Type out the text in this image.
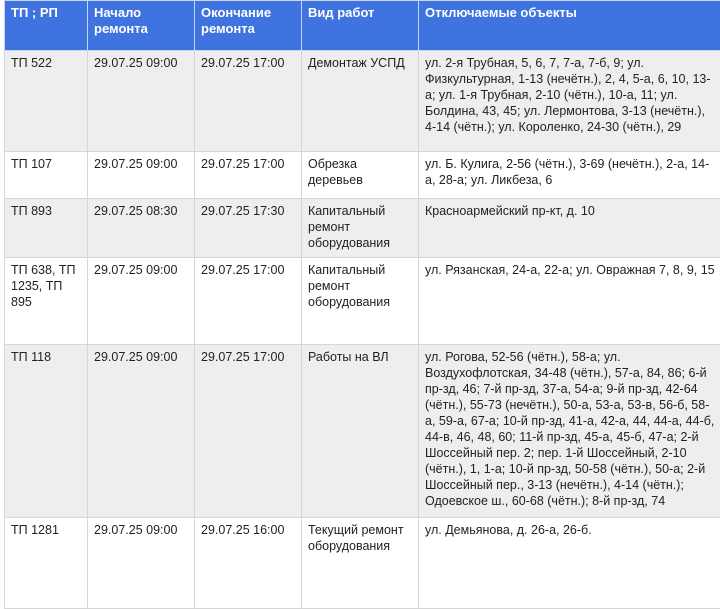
ТП ; РП	Начало ремонта	Окончание ремонта	Вид работ	Отключаемые объекты
ТП 522	29.07.25 09:00	29.07.25 17:00	Демонтаж УСПД	ул. 2-я Трубная, 5, 6, 7, 7-а, 7-б, 9; ул. Физкультурная, 1-13 (нечётн.), 2, 4, 5-а, 6, 10, 13-а; ул. 1-я Трубная, 2-10 (чётн.), 10-а, 11; ул. Болдина, 43, 45; ул. Лермонтова, 3-13 (нечётн.), 4-14 (чётн.); ул. Короленко, 24-30 (чётн.), 29
ТП 107	29.07.25 09:00	29.07.25 17:00	Обрезка деревьев	ул. Б. Кулига, 2-56 (чётн.), 3-69 (нечётн.), 2-а, 14-а, 28-а; ул. Ликбеза, 6
ТП 893	29.07.25 08:30	29.07.25 17:30	Капитальный ремонт оборудования	Красноармейский пр-кт, д. 10
ТП 638, ТП 1235, ТП 895	29.07.25 09:00	29.07.25 17:00	Капитальный ремонт оборудования	ул. Рязанская, 24-а, 22-а; ул. Овражная 7, 8, 9, 15
ТП 118	29.07.25 09:00	29.07.25 17:00	Работы на ВЛ	ул. Рогова, 52-56 (чётн.), 58-а; ул. Воздухофлотская, 34-48 (чётн.), 57-а, 84, 86; 6-й пр-зд, 46; 7-й пр-зд, 37-а, 54-а; 9-й пр-зд, 42-64 (чётн.), 55-73 (нечётн.), 50-а, 53-а, 53-в, 56-б, 58-а, 59-а, 67-а; 10-й пр-зд, 41-а, 42-а, 44, 44-а, 44-б, 44-в, 46, 48, 60; 11-й пр-зд, 45-а, 45-б, 47-а; 2-й Шоссейный пер. 2; пер. 1-й Шоссейный, 2-10 (чётн.), 1, 1-а; 10-й пр-зд, 50-58 (чётн.), 50-а; 2-й Шоссейный пер., 3-13 (нечётн.), 4-14 (чётн.); Одоевское ш., 60-68 (чётн.); 8-й пр-зд, 74
ТП 1281	29.07.25 09:00	29.07.25 16:00	Текущий ремонт оборудования	ул. Демьянова, д. 26-а, 26-б.
